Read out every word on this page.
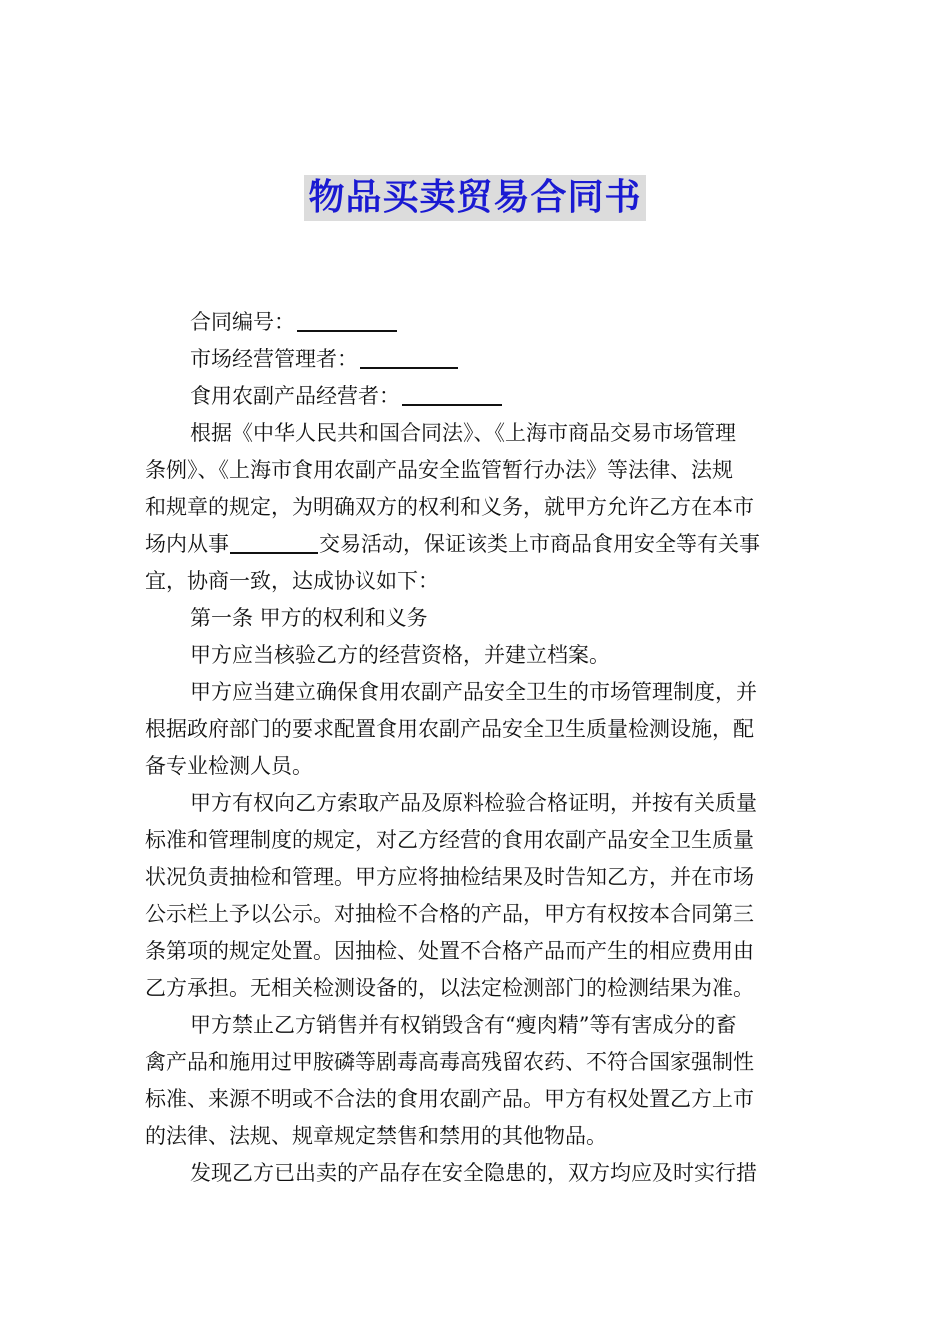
物品买卖贸易合同书
合同编号：
市场经营管理者：
食用农副产品经营者：
根据《中华人民共和国合同法》、《上海市商品交易市场管理
条例》、《上海市食用农副产品安全监管暂行办法》等法律、法规
和规章的规定，为明确双方的权利和义务，就甲方允许乙方在本市
场内从事	交易活动，保证该类上市商品食用安全等有关事
宜，协商一致，达成协议如下：
第一条 甲方的权利和义务
甲方应当核验乙方的经营资格，并建立档案。
甲方应当建立确保食用农副产品安全卫生的市场管理制度，并
根据政府部门的要求配置食用农副产品安全卫生质量检测设施，配
备专业检测人员。
甲方有权向乙方索取产品及原料检验合格证明，并按有关质量
标准和管理制度的规定，对乙方经营的食用农副产品安全卫生质量
状况负责抽检和管理。甲方应将抽检结果及时告知乙方，并在市场
公示栏上予以公示。对抽检不合格的产品，甲方有权按本合同第三
条第项的规定处置。因抽检、处置不合格产品而产生的相应费用由
乙方承担。无相关检测设备的，以法定检测部门的检测结果为准。
甲方禁止乙方销售并有权销毁含有“瘦肉精”等有害成分的畜
禽产品和施用过甲胺磷等剧毒高毒高残留农药、不符合国家强制性
标准、来源不明或不合法的食用农副产品。甲方有权处置乙方上市
的法律、法规、规章规定禁售和禁用的其他物品。
发现乙方已出卖的产品存在安全隐患的，双方均应及时实行措
